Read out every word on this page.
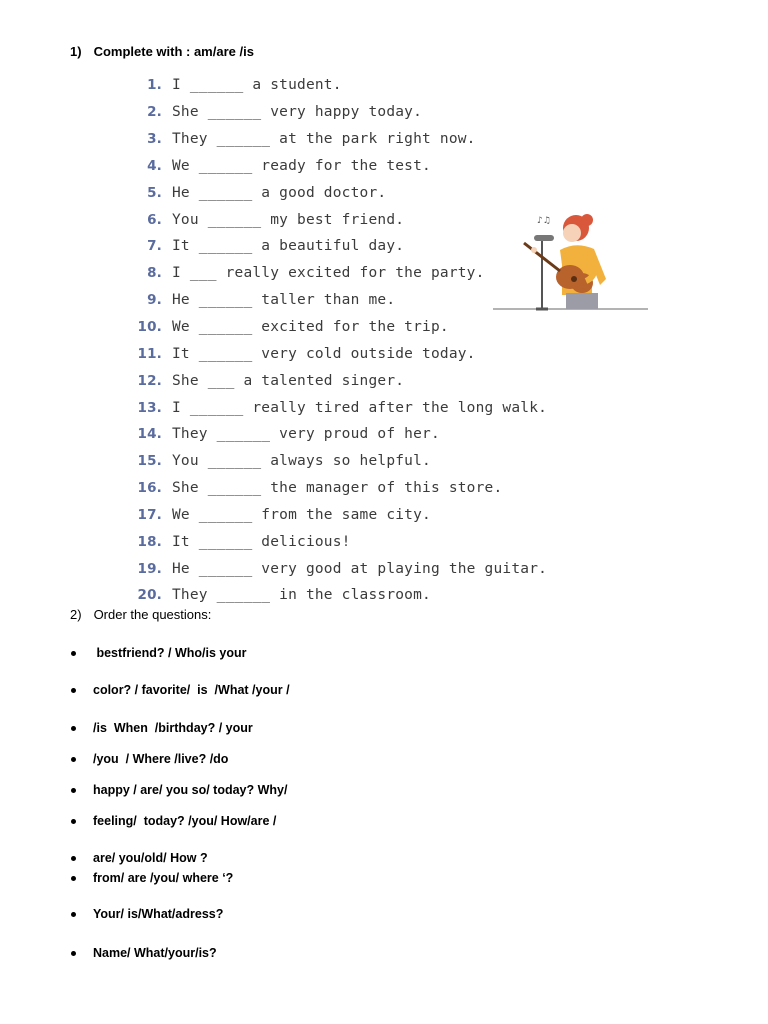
1) Complete with : am/are /is
1. I ______ a student.
2. She ______ very happy today.
3. They ______ at the park right now.
4. We ______ ready for the test.
5. He ______ a good doctor.
6. You ______ my best friend.
7. It ______ a beautiful day.
8. I ___ really excited for the party.
9. He ______ taller than me.
10. We ______ excited for the trip.
11. It ______ very cold outside today.
12. She ___ a talented singer.
13. I ______ really tired after the long walk.
14. They ______ very proud of her.
15. You ______ always so helpful.
16. She ______ the manager of this store.
17. We ______ from the same city.
18. It ______ delicious!
19. He ______ very good at playing the guitar.
20. They ______ in the classroom.
♪♫
2) Order the questions:
bestfriend? / Who/is your
color? / favorite/  is  /What /your /
/is  When  /birthday? / your
/you  / Where /live? /do
happy / are/ you so/ today? Why/
feeling/  today? /you/ How/are /
are/ you/old/ How ?
from/ are /you/ where ‘?
Your/ is/What/adress?
Name/ What/your/is?
